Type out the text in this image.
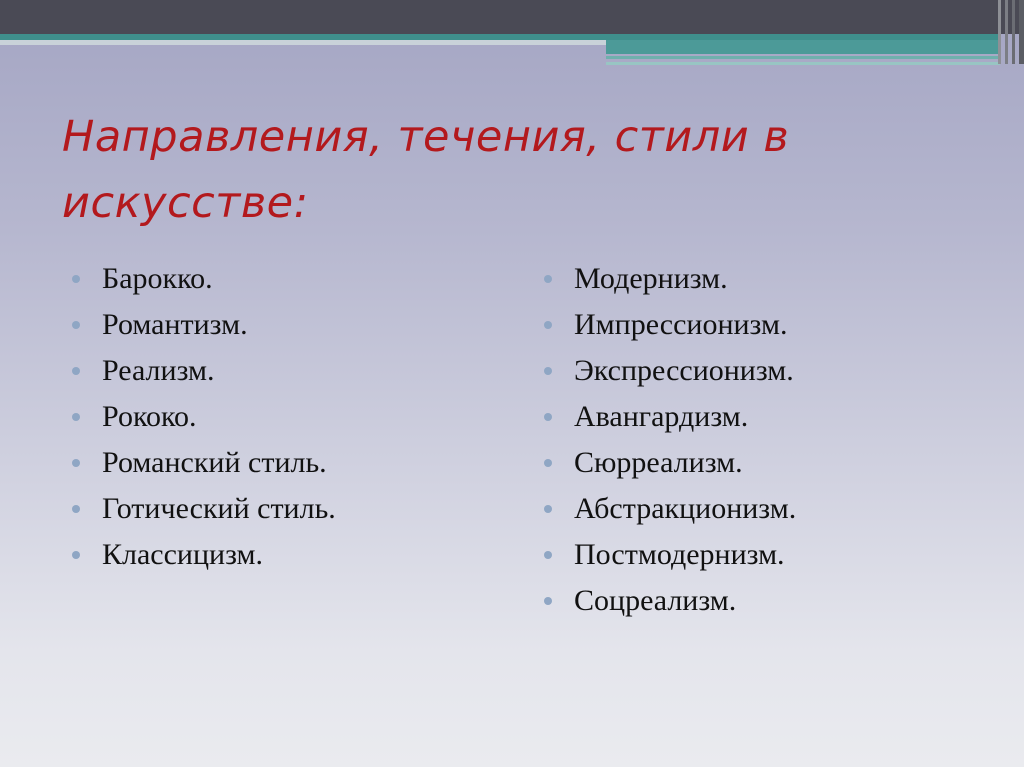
Направления, течения, стили в искусстве:
Барокко.
Романтизм.
Реализм.
Рококо.
Романский стиль.
Готический стиль.
Классицизм.
Модернизм.
Импрессионизм.
Экспрессионизм.
Авангардизм.
Сюрреализм.
Абстракционизм.
Постмодернизм.
Соцреализм.
